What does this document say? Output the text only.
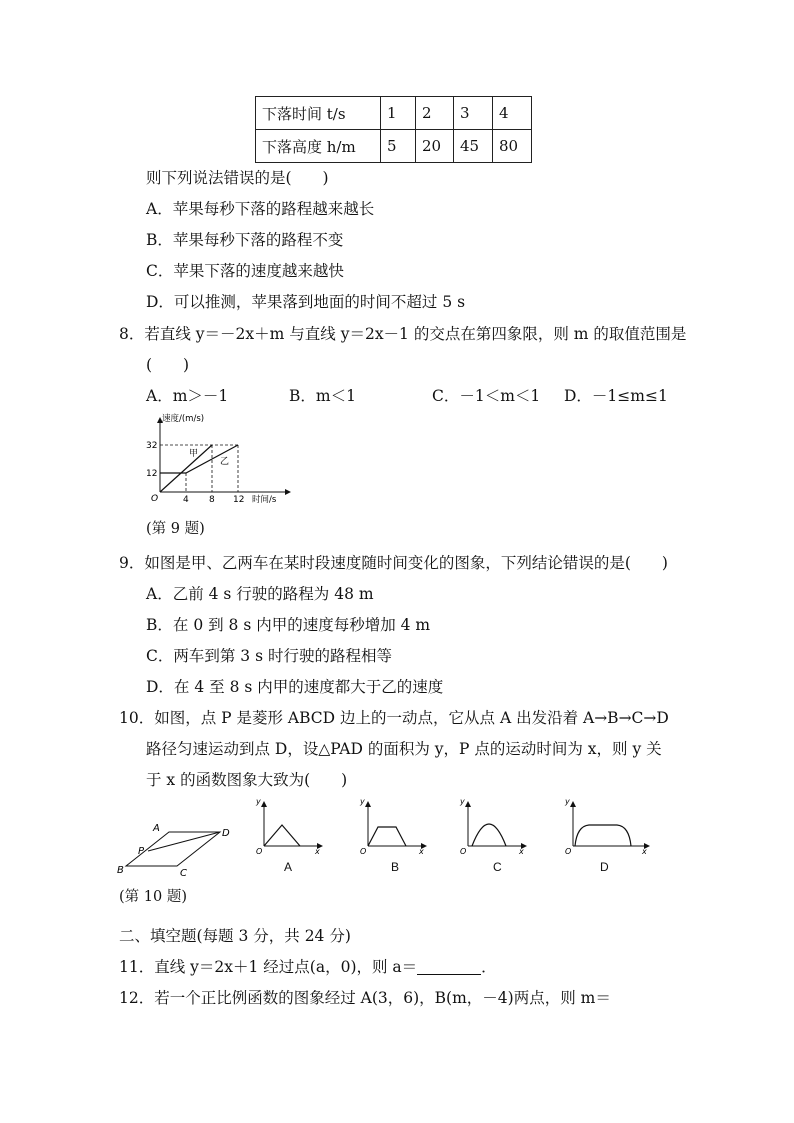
下落时间 t/s	1	2	3	4
下落高度 h/m	5	20	45	80
则下列说法错误的是(　　)
A．苹果每秒下落的路程越来越长
B．苹果每秒下落的路程不变
C．苹果下落的速度越来越快
D．可以推测，苹果落到地面的时间不超过 5 s
8．若直线 y＝－2x＋m 与直线 y＝2x－1 的交点在第四象限，则 m 的取值范围是
(　　)
A．m＞－1	B．m＜1	C．－1＜m＜1 D．－1≤m≤1
速度/(m/s)
时间/s
O
32
12
4 8 12
甲
乙
(第 9 题)
9．如图是甲、乙两车在某时段速度随时间变化的图象，下列结论错误的是(　　)
A．乙前 4 s 行驶的路程为 48 m
B．在 0 到 8 s 内甲的速度每秒增加 4 m
C．两车到第 3 s 时行驶的路程相等
D．在 4 至 8 s 内甲的速度都大于乙的速度
10．如图，点 P 是菱形 ABCD 边上的一动点，它从点 A 出发沿着 A→B→C→D
路径匀速运动到点 D，设△PAD 的面积为 y，P 点的运动时间为 x，则 y 关
于 x 的函数图象大致为(　　)
A
B	C
D
P
y
x
O
A
y
x
O
B
y
x
O
C
y
x
O
D
(第 10 题)
二、填空题(每题 3 分，共 24 分)
11．直线 y＝2x＋1 经过点(a，0)，则 a＝	．
12．若一个正比例函数的图象经过 A(3，6)，B(m，－4)两点，则 m＝
